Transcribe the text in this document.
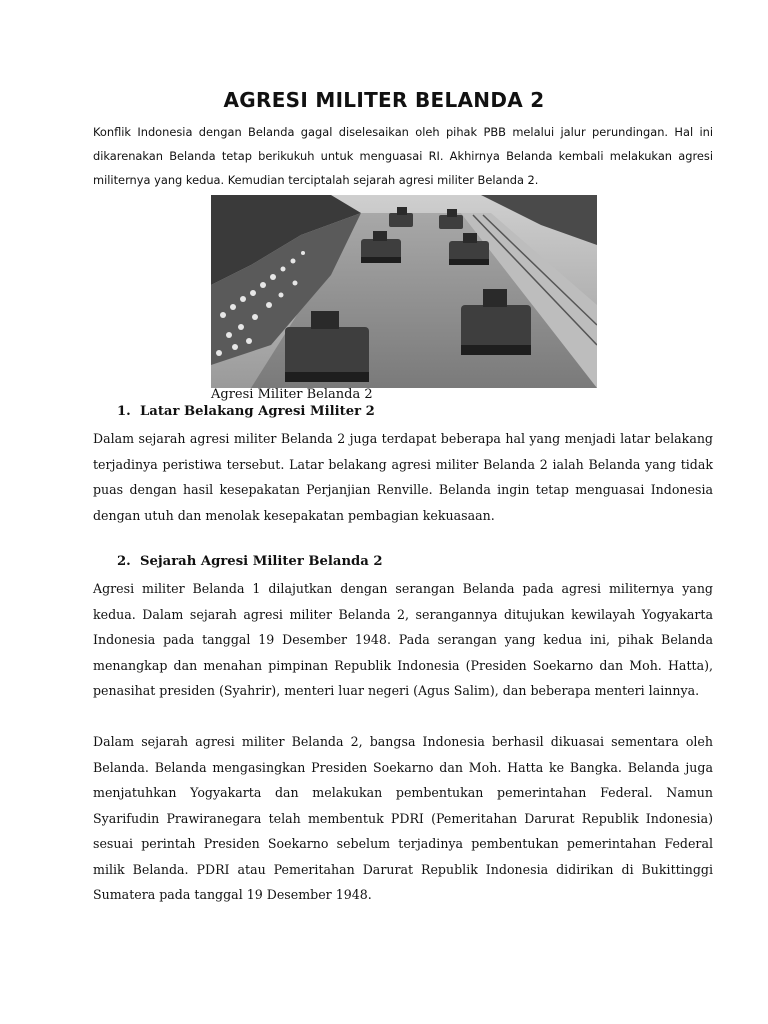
AGRESI MILITER BELANDA 2

Konflik Indonesia dengan Belanda gagal diselesaikan oleh pihak PBB melalui jalur perundingan. Hal ini dikarenakan Belanda tetap berikukuh untuk menguasai RI. Akhirnya Belanda kembali melakukan agresi militernya yang kedua. Kemudian terciptalah sejarah agresi militer Belanda 2.

Agresi Militer Belanda 2

1. Latar Belakang Agresi Militer 2

Dalam sejarah agresi militer Belanda 2 juga terdapat beberapa hal yang menjadi latar belakang terjadinya peristiwa tersebut. Latar belakang agresi militer Belanda 2 ialah Belanda yang tidak puas dengan hasil kesepakatan Perjanjian Renville. Belanda ingin tetap menguasai Indonesia dengan utuh dan menolak kesepakatan pembagian kekuasaan.

2. Sejarah Agresi Militer Belanda 2

Agresi militer Belanda 1 dilajutkan dengan serangan Belanda pada agresi militernya yang kedua. Dalam sejarah agresi militer Belanda 2, serangannya ditujukan kewilayah Yogyakarta Indonesia pada tanggal 19 Desember 1948. Pada serangan yang kedua ini, pihak Belanda menangkap dan menahan pimpinan Republik Indonesia (Presiden Soekarno dan Moh. Hatta), penasihat presiden (Syahrir), menteri luar negeri (Agus Salim), dan beberapa menteri lainnya.

Dalam sejarah agresi militer Belanda 2, bangsa Indonesia berhasil dikuasai sementara oleh Belanda. Belanda mengasingkan Presiden Soekarno dan Moh. Hatta ke Bangka. Belanda juga menjatuhkan Yogyakarta dan melakukan pembentukan pemerintahan Federal. Namun Syarifudin Prawiranegara telah membentuk PDRI (Pemeritahan Darurat Republik Indonesia) sesuai perintah Presiden Soekarno sebelum terjadinya pembentukan pemerintahan Federal milik Belanda. PDRI atau Pemeritahan Darurat Republik Indonesia didirikan di Bukittinggi Sumatera pada tanggal 19 Desember 1948.
